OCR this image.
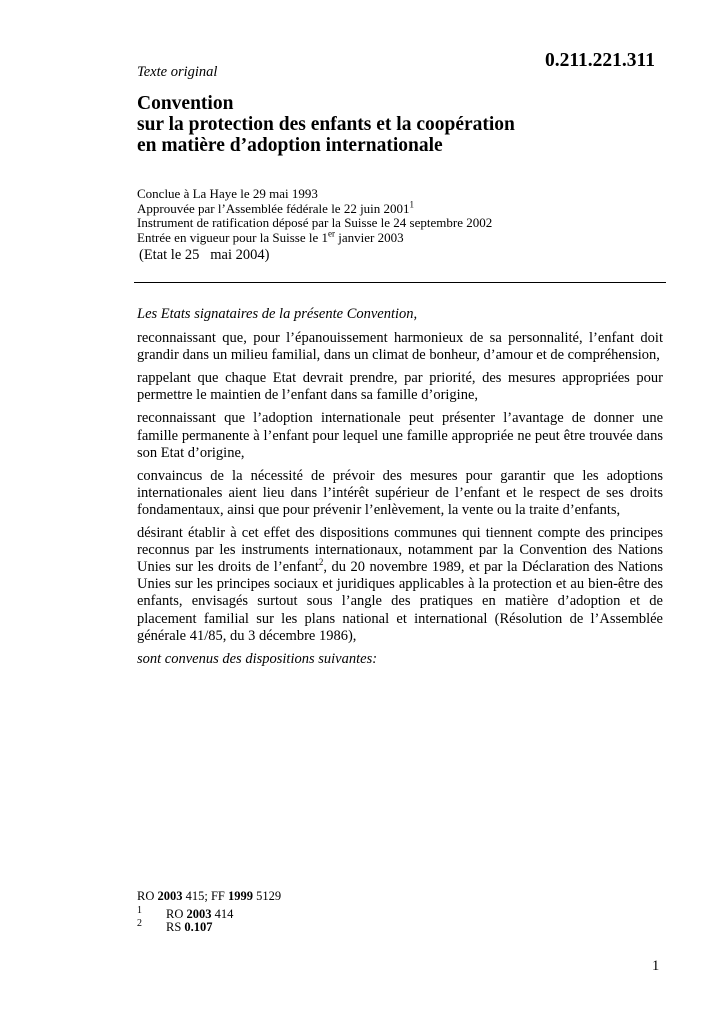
Texte original
0.211.221.311
Convention
sur la protection des enfants et la coopération
en matière d’adoption internationale
Conclue à La Haye le 29 mai 1993
Approuvée par l’Assemblée fédérale le 22 juin 2001$^1$
Instrument de ratification déposé par la Suisse le 24 septembre 2002
Entrée en vigueur pour la Suisse le 1er janvier 2003
(Etat le 25   mai 2004)

Les Etats signataires de la présente Convention,

reconnaissant que, pour l’épanouissement harmonieux de sa personnalité, l’enfant doit grandir dans un milieu familial, dans un climat de bonheur, d’amour et de compréhension,

rappelant que chaque Etat devrait prendre, par priorité, des mesures appropriées pour permettre le maintien de l’enfant dans sa famille d’origine,

reconnaissant que l’adoption internationale peut présenter l’avantage de donner une famille permanente à l’enfant pour lequel une famille appropriée ne peut être trouvée dans son Etat d’origine,

convaincus de la nécessité de prévoir des mesures pour garantir que les adoptions internationales aient lieu dans l’intérêt supérieur de l’enfant et le respect de ses droits fondamentaux, ainsi que pour prévenir l’enlèvement, la vente ou la traite d’enfants,

désirant établir à cet effet des dispositions communes qui tiennent compte des principes reconnus par les instruments internationaux, notamment par la Convention des Nations Unies sur les droits de l’enfant$^2$, du 20 novembre 1989, et par la Déclaration des Nations Unies sur les principes sociaux et juridiques applicables à la protection et au bien-être des enfants, envisagés surtout sous l’angle des pratiques en matière d’adoption et de placement familial sur les plans national et international (Résolution de l’Assemblée générale 41/85, du 3 décembre 1986),

sont convenus des dispositions suivantes:

RO 2003 415; FF 1999 5129
1 RO 2003 414
2 RS 0.107
1
